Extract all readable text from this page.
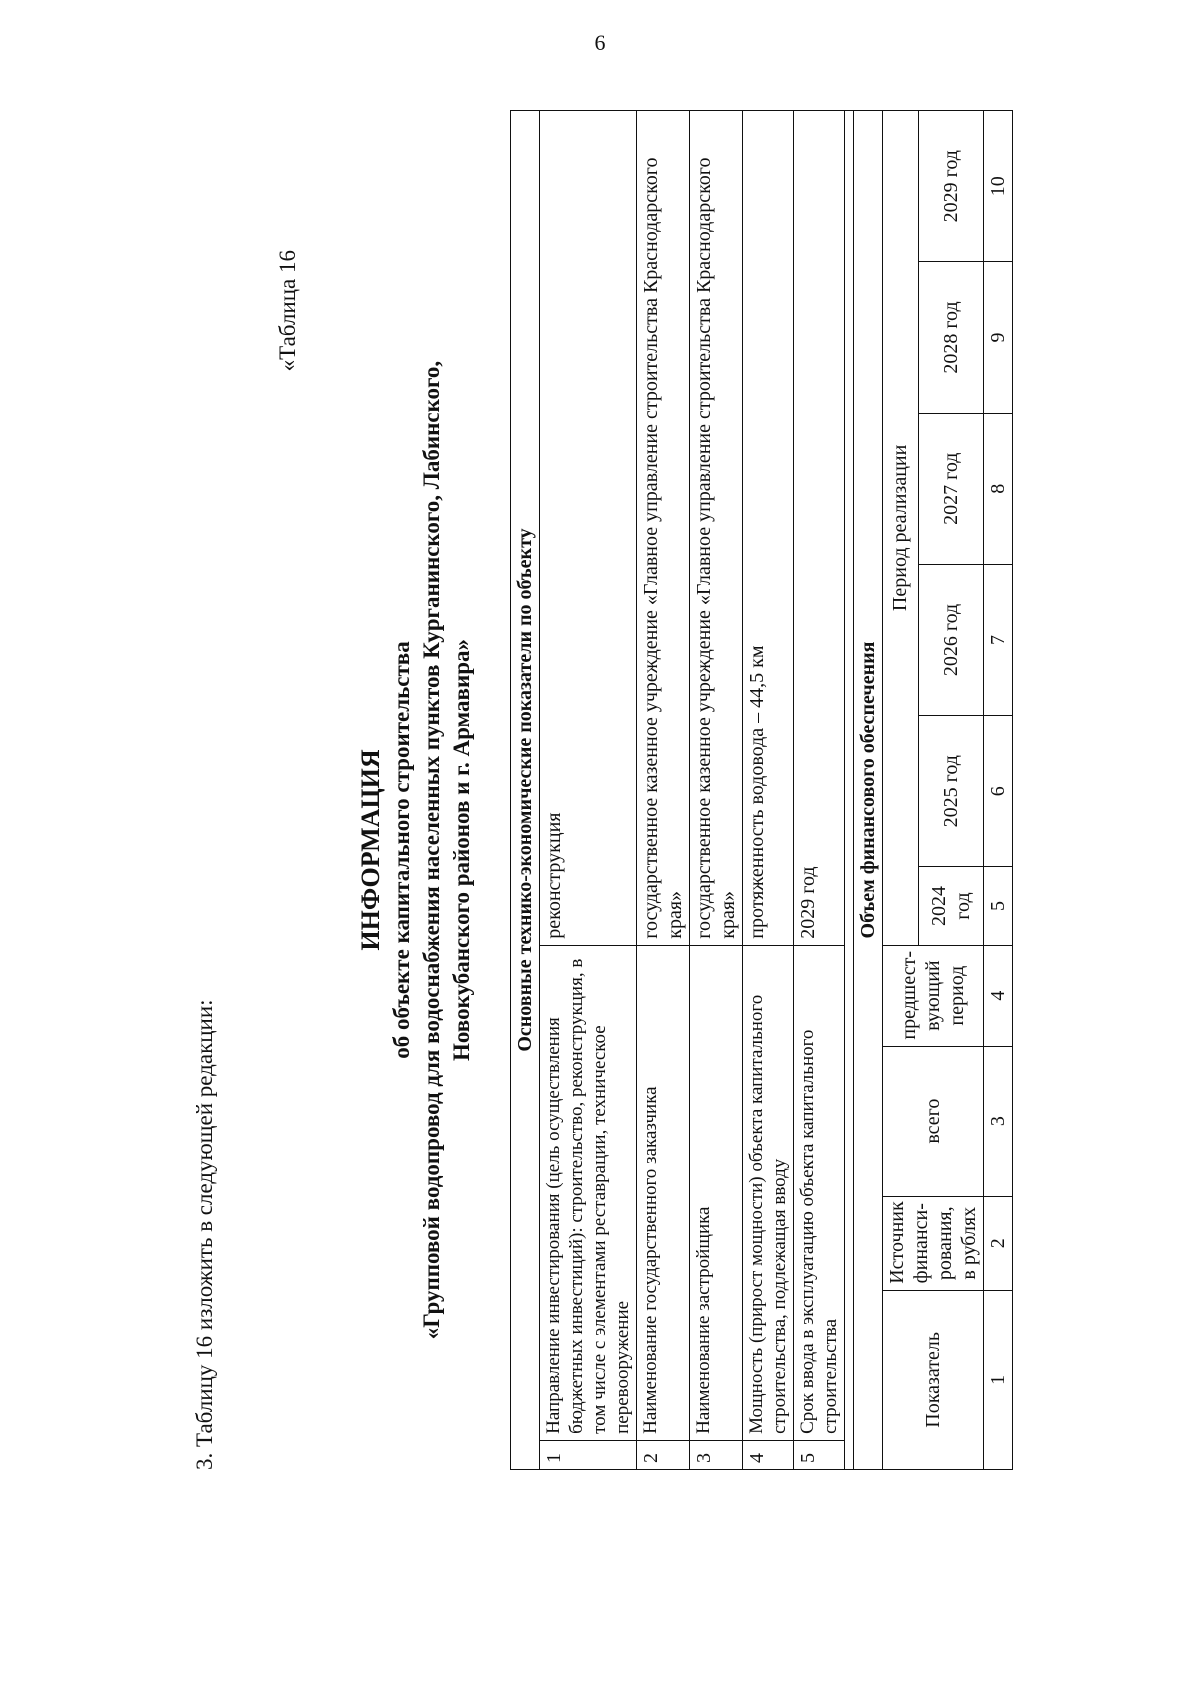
6
3. Таблицу 16 изложить в следующей редакции:
«Таблица 16
ИНФОРМАЦИЯ об объекте капитального строительства «Групповой водопровод для водоснабжения населенных пунктов Курганинского, Лабинского, Новокубанского районов и г. Армавира» Основные технико-экономические показатели по объекту										
1	Направление инвестирования (цель осуществления бюджетных инвестиций): строительство, реконструкция, в том числе с элементами реставрации, техническое перевооружение				реконструкция					
2	Наименование государственного заказчика				государственное казенное учреждение «Главное управление строительства Краснодарского края»					
3	Наименование застройщика				государственное казенное учреждение «Главное управление строительства Краснодарского края»					
4	Мощность (прирост мощности) объекта капитального строительства, подлежащая вводу				протяженность водовода – 44,5 км					
5	Срок ввода в эксплуатацию объекта капитального строительства				2029 год					

Объем финансового обеспечения										
Показатель		Источник финанси-рования, в рублях	всего	предшест-вующий период	Период реализации					
					2024 год	2025 год	2026 год	2027 год	2028 год	2029 год
1		2	3	4	5	6	7	8	9	10
